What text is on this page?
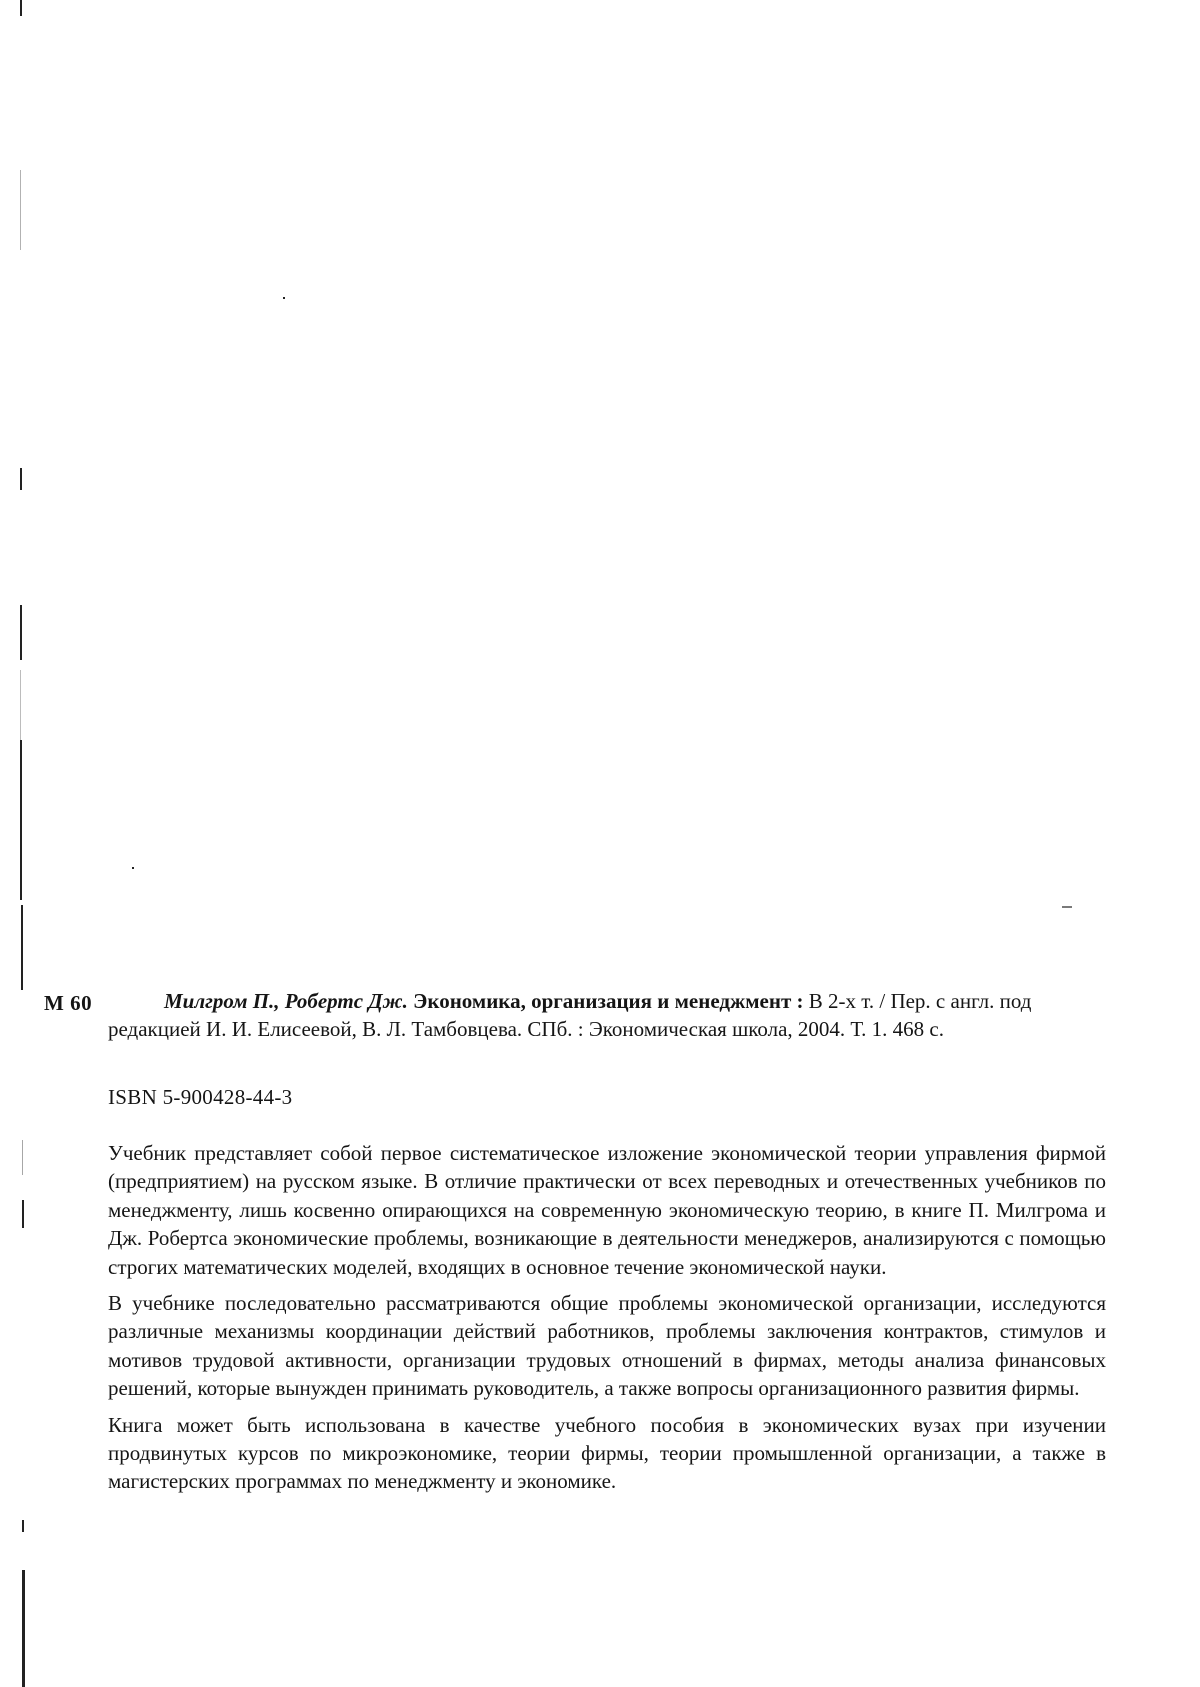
М 60	Милгром П., Робертс Дж. Экономика, организация и менеджмент : В 2-х т. / Пер. с англ. под редакцией И. И. Елисеевой, В. Л. Тамбовцева. СПб. : Экономическая школа, 2004. Т. 1. 468 с.
ISBN 5-900428-44-3

Учебник представляет собой первое систематическое изложение экономической теории управления фирмой (предприятием) на русском языке. В отличие практически от всех переводных и отечественных учебников по менеджменту, лишь косвенно опирающихся на современную экономическую теорию, в книге П. Милгрома и Дж. Робертса экономические проблемы, возникающие в деятельности менеджеров, анализируются с помощью строгих математических моделей, входящих в основное течение экономической науки.

В учебнике последовательно рассматриваются общие проблемы экономической организации, исследуются различные механизмы координации действий работников, проблемы заключения контрактов, стимулов и мотивов трудовой активности, организации трудовых отношений в фирмах, методы анализа финансовых решений, которые вынужден принимать руководитель, а также вопросы организационного развития фирмы.

Книга может быть использована в качестве учебного пособия в экономических вузах при изучении продвинутых курсов по микроэкономике, теории фирмы, теории промышленной организации, а также в магистерских программах по менеджменту и экономике.
